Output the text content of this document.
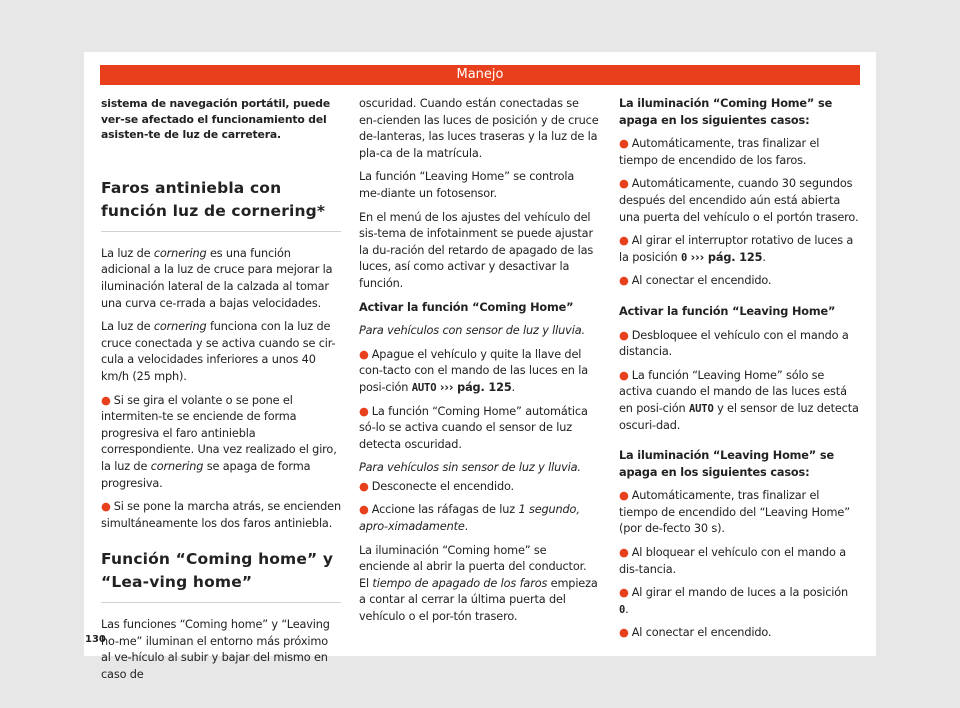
Manejo

sistema de navegación portátil, puede ver-se afectado el funcionamiento del asisten-te de luz de carretera.

Faros antiniebla con función luz de cornering*

La luz de cornering es una función adicional a la luz de cruce para mejorar la iluminación lateral de la calzada al tomar una curva ce-rrada a bajas velocidades.

La luz de cornering funciona con la luz de cruce conectada y se activa cuando se cir-cula a velocidades inferiores a unos 40 km/h (25 mph).

● Si se gira el volante o se pone el intermiten-te se enciende de forma progresiva el faro antiniebla correspondiente. Una vez realizado el giro, la luz de cornering se apaga de forma progresiva.

● Si se pone la marcha atrás, se encienden simultáneamente los dos faros antiniebla.

Función “Coming home” y “Lea-ving home”

Las funciones “Coming home” y “Leaving ho-me” iluminan el entorno más próximo al ve-hículo al subir y bajar del mismo en caso de

oscuridad. Cuando están conectadas se en-cienden las luces de posición y de cruce de-lanteras, las luces traseras y la luz de la pla-ca de la matrícula.

La función “Leaving Home” se controla me-diante un fotosensor.

En el menú de los ajustes del vehículo del sis-tema de infotainment se puede ajustar la du-ración del retardo de apagado de las luces, así como activar y desactivar la función.

Activar la función “Coming Home”

Para vehículos con sensor de luz y lluvia.

● Apague el vehículo y quite la llave del con-tacto con el mando de las luces en la posi-ción AUTO ››› pág. 125.

● La función “Coming Home” automática só-lo se activa cuando el sensor de luz detecta oscuridad.

Para vehículos sin sensor de luz y lluvia.

● Desconecte el encendido.

● Accione las ráfagas de luz 1 segundo, apro-ximadamente.

La iluminación “Coming home” se enciende al abrir la puerta del conductor. El tiempo de apagado de los faros empieza a contar al cerrar la última puerta del vehículo o el por-tón trasero.

La iluminación “Coming Home” se apaga en los siguientes casos:

● Automáticamente, tras finalizar el tiempo de encendido de los faros.

● Automáticamente, cuando 30 segundos después del encendido aún está abierta una puerta del vehículo o el portón trasero.

● Al girar el interruptor rotativo de luces a la posición 0 ››› pág. 125.

● Al conectar el encendido.

Activar la función “Leaving Home”

● Desbloquee el vehículo con el mando a distancia.

● La función “Leaving Home” sólo se activa cuando el mando de las luces está en posi-ción AUTO y el sensor de luz detecta oscuri-dad.

La iluminación “Leaving Home” se apaga en los siguientes casos:

● Automáticamente, tras finalizar el tiempo de encendido del “Leaving Home” (por de-fecto 30 s).

● Al bloquear el vehículo con el mando a dis-tancia.

● Al girar el mando de luces a la posición 0.

● Al conectar el encendido.

130
